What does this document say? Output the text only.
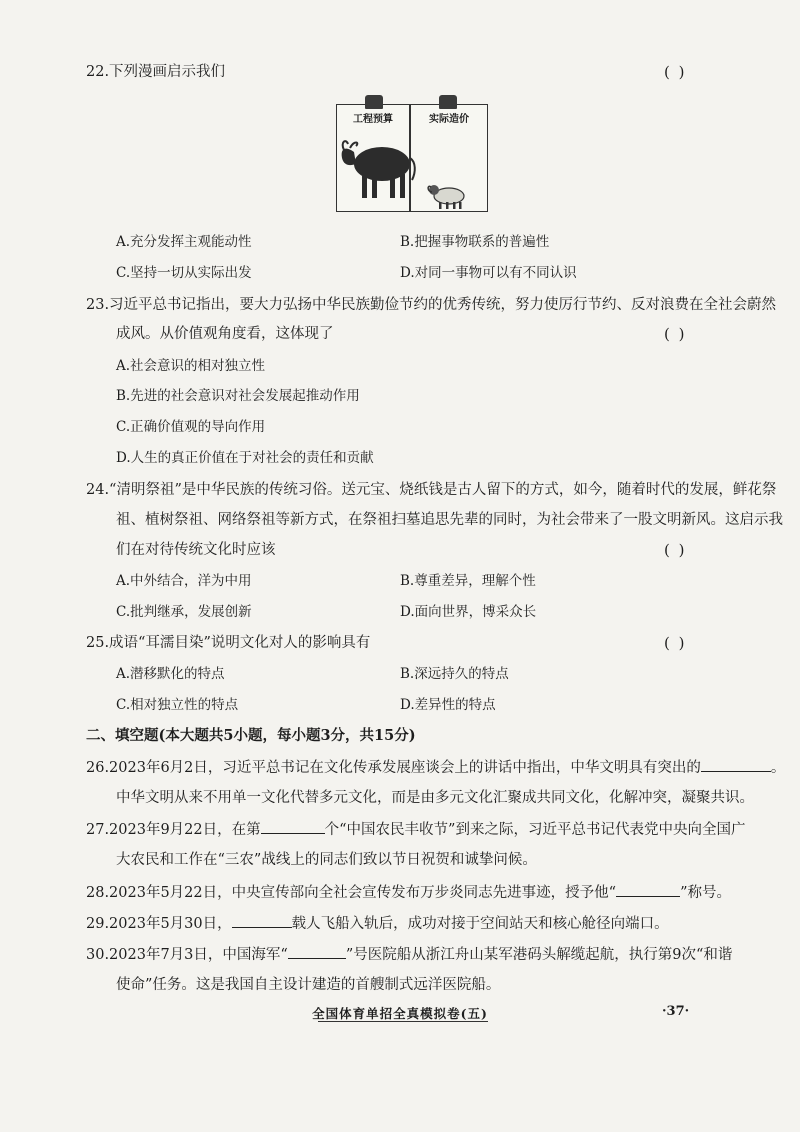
22.下列漫画启示我们	( )
工程预算	实际造价
A.充分发挥主观能动性	B.把握事物联系的普遍性
C.坚持一切从实际出发	D.对同一事物可以有不同认识
23.习近平总书记指出，要大力弘扬中华民族勤俭节约的优秀传统，努力使厉行节约、反对浪费在全社会蔚然
成风。从价值观角度看，这体现了	( )
A.社会意识的相对独立性
B.先进的社会意识对社会发展起推动作用
C.正确价值观的导向作用
D.人生的真正价值在于对社会的责任和贡献
24.“清明祭祖”是中华民族的传统习俗。送元宝、烧纸钱是古人留下的方式，如今，随着时代的发展，鲜花祭
祖、植树祭祖、网络祭祖等新方式，在祭祖扫墓追思先辈的同时，为社会带来了一股文明新风。这启示我
们在对待传统文化时应该	( )
A.中外结合，洋为中用	B.尊重差异，理解个性
C.批判继承，发展创新	D.面向世界，博采众长
25.成语“耳濡目染”说明文化对人的影响具有	( )
A.潜移默化的特点	B.深远持久的特点
C.相对独立性的特点	D.差异性的特点
二、填空题(本大题共5小题，每小题3分，共15分)
26.2023年6月2日，习近平总书记在文化传承发展座谈会上的讲话中指出，中华文明具有突出的	。
中华文明从来不用单一文化代替多元文化，而是由多元文化汇聚成共同文化，化解冲突，凝聚共识。
27.2023年9月22日，在第	个“中国农民丰收节”到来之际，习近平总书记代表党中央向全国广
大农民和工作在“三农”战线上的同志们致以节日祝贺和诚挚问候。
28.2023年5月22日，中央宣传部向全社会宣传发布万步炎同志先进事迹，授予他“	”称号。
29.2023年5月30日，	载人飞船入轨后，成功对接于空间站天和核心舱径向端口。
30.2023年7月3日，中国海军“	”号医院船从浙江舟山某军港码头解缆起航，执行第9次“和谐
使命”任务。这是我国自主设计建造的首艘制式远洋医院船。
全国体育单招全真模拟卷(五)	·37·
